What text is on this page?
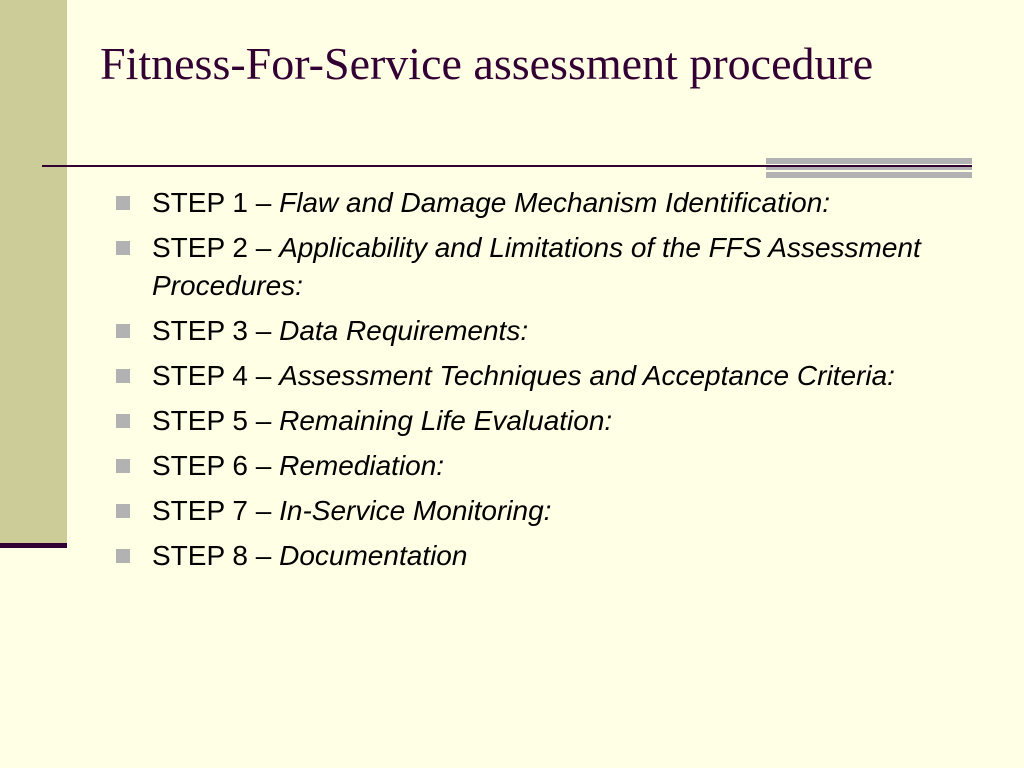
Fitness-For-Service assessment procedure
STEP 1 – Flaw and Damage Mechanism Identification:
STEP 2 – Applicability and Limitations of the FFS Assessment Procedures:
STEP 3 – Data Requirements:
STEP 4 – Assessment Techniques and Acceptance Criteria:
STEP 5 – Remaining Life Evaluation:
STEP 6 – Remediation:
STEP 7 – In-Service Monitoring:
STEP 8 – Documentation
